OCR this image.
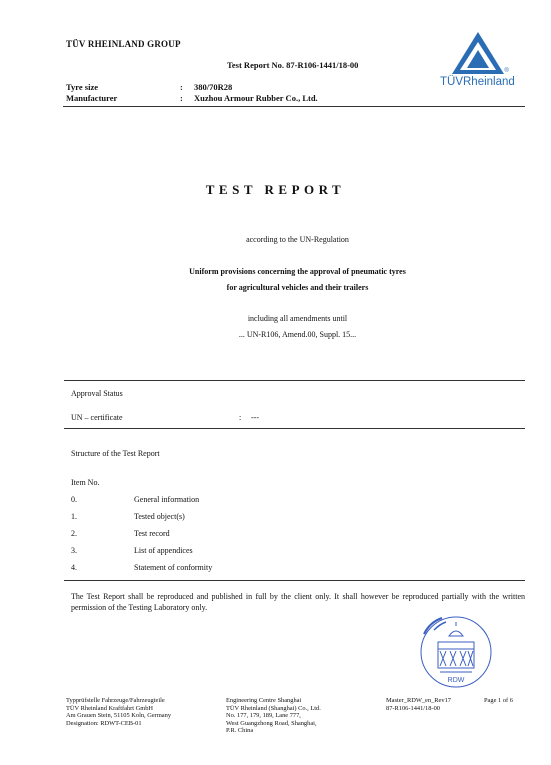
TÜV RHEINLAND GROUP
Test Report No. 87-R106-1441/18-00
TÜVRheinland
®
Tyre size	: 380/70R28
Manufacturer	: Xuzhou Armour Rubber Co., Ltd.
TEST REPORT
according to the UN-Regulation
Uniform provisions concerning the approval of pneumatic tyres
for agricultural vehicles and their trailers
including all amendments until
... UN-R106, Amend.00, Suppl. 15...
Approval Status
UN – certificate	: ---
Structure of the Test Report
Item No.
0.	General information
1.	Tested object(s)
2.	Test record
3.	List of appendices
4.	Statement of conformity
The Test Report shall be reproduced and published in full by the client only. It shall however be reproduced partially with the written permission of the Testing Laboratory only.
RDW
Typprüfstelle Fahrzeuge/Fahrzeugteile
TÜV Rheinland Kraftfahrt GmbH
Am Grauen Stein, 51105 Koln, Germany
Designation: RDWT-CEB-01
Engineering Centre Shanghai
TÜV Rheinland (Shanghai) Co., Ltd.
No. 177, 179, 189, Lane 777,
West Guangzhong Road, Shanghai,
P.R. China
Master_RDW_en_Rev17
87-R106-1441/18-00
Page 1 of 6
